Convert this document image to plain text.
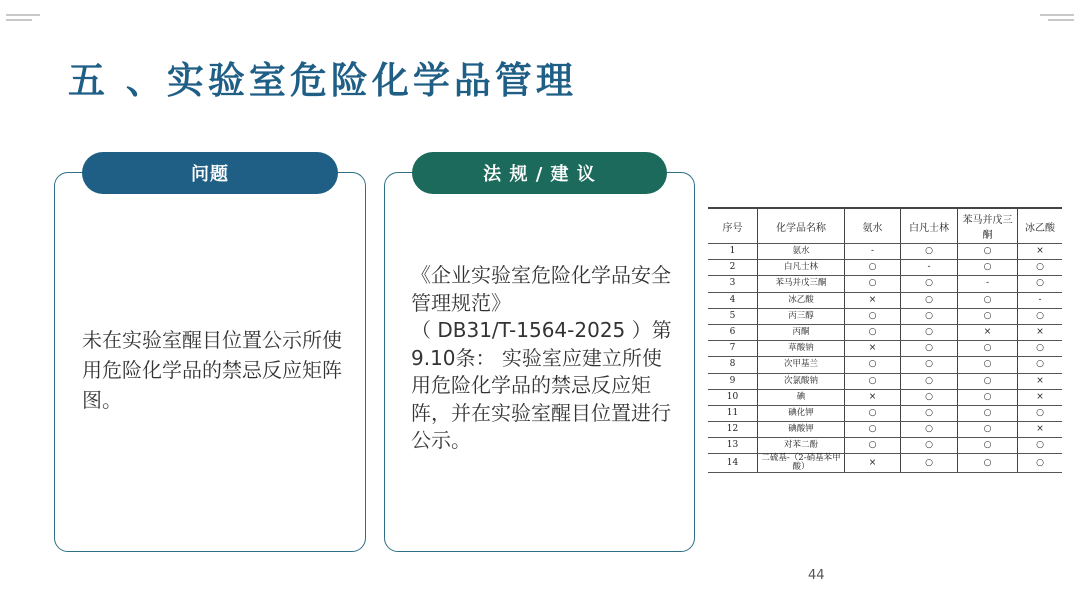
五 、实验室危险化学品管理
问题
未在实验室醒目位置公示所使用危险化学品的禁忌反应矩阵图。
法 规 / 建 议
《企业实验室危险化学品安全管理规范》
（ DB31/T-1564-2025 ）第9.10条： 实验室应建立所使用危险化学品的禁忌反应矩阵，并在实验室醒目位置进行公示。
序号	化学品名称	氨水	白凡士林	苯马并戊三酮	冰乙酸
1	氨水	-	○	○	×
2	白凡士林	○	-	○	○
3	苯马并戊三酮	○	○	-	○
4	冰乙酸	×	○	○	-
5	丙三醇	○	○	○	○
6	丙酮	○	○	×	×
7	草酸钠	×	○	○	○
8	次甲基兰	○	○	○	○
9	次氯酸钠	○	○	○	×
10	碘	×	○	○	×
11	碘化钾	○	○	○	○
12	碘酸钾	○	○	○	×
13	对苯二酚	○	○	○	○
14	二硫基-（2-硝基苯甲酸）	×	○	○	○
44
